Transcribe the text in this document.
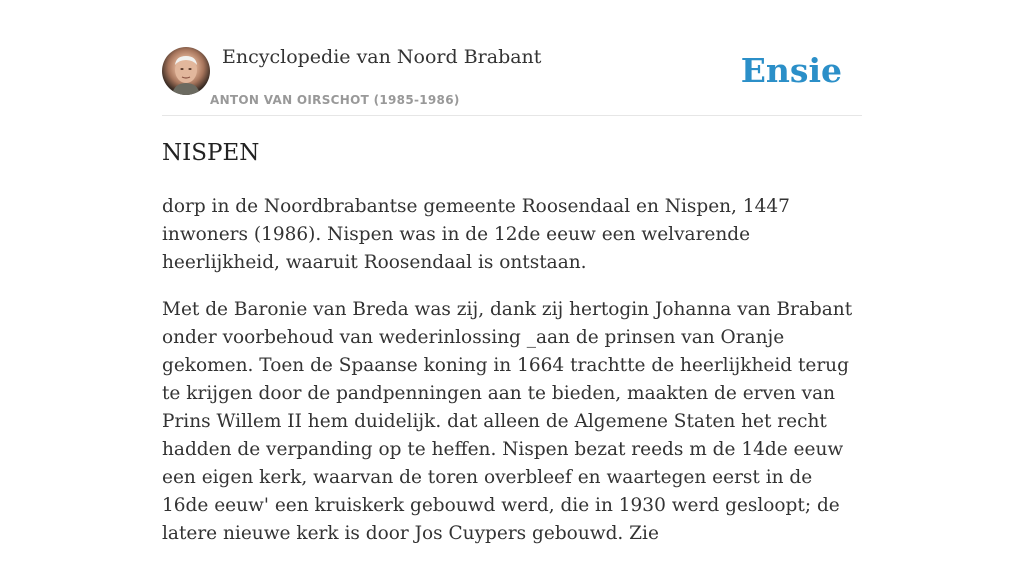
Encyclopedie van Noord Brabant
ANTON VAN OIRSCHOT (1985-1986)
Ensie
NISPEN

dorp in de Noordbrabantse gemeente Roosendaal en Nispen, 1447 inwoners (1986). Nispen was in de 12de eeuw een welvarende heerlijkheid, waaruit Roosendaal is ontstaan.

Met de Baronie van Breda was zij, dank zij hertogin Johanna van Brabant onder voorbehoud van wederinlossing _aan de prinsen van Oranje gekomen. Toen de Spaanse koning in 1664 trachtte de heerlijkheid terug te krijgen door de pandpenningen aan te bieden, maakten de erven van Prins Willem II hem duidelijk. dat alleen de Algemene Staten het recht hadden de verpanding op te heffen. Nispen bezat reeds m de 14de eeuw een eigen kerk, waarvan de toren overbleef en waartegen eerst in de 16de eeuw' een kruiskerk gebouwd werd, die in 1930 werd gesloopt; de latere nieuwe kerk is door Jos Cuypers gebouwd. Zie
